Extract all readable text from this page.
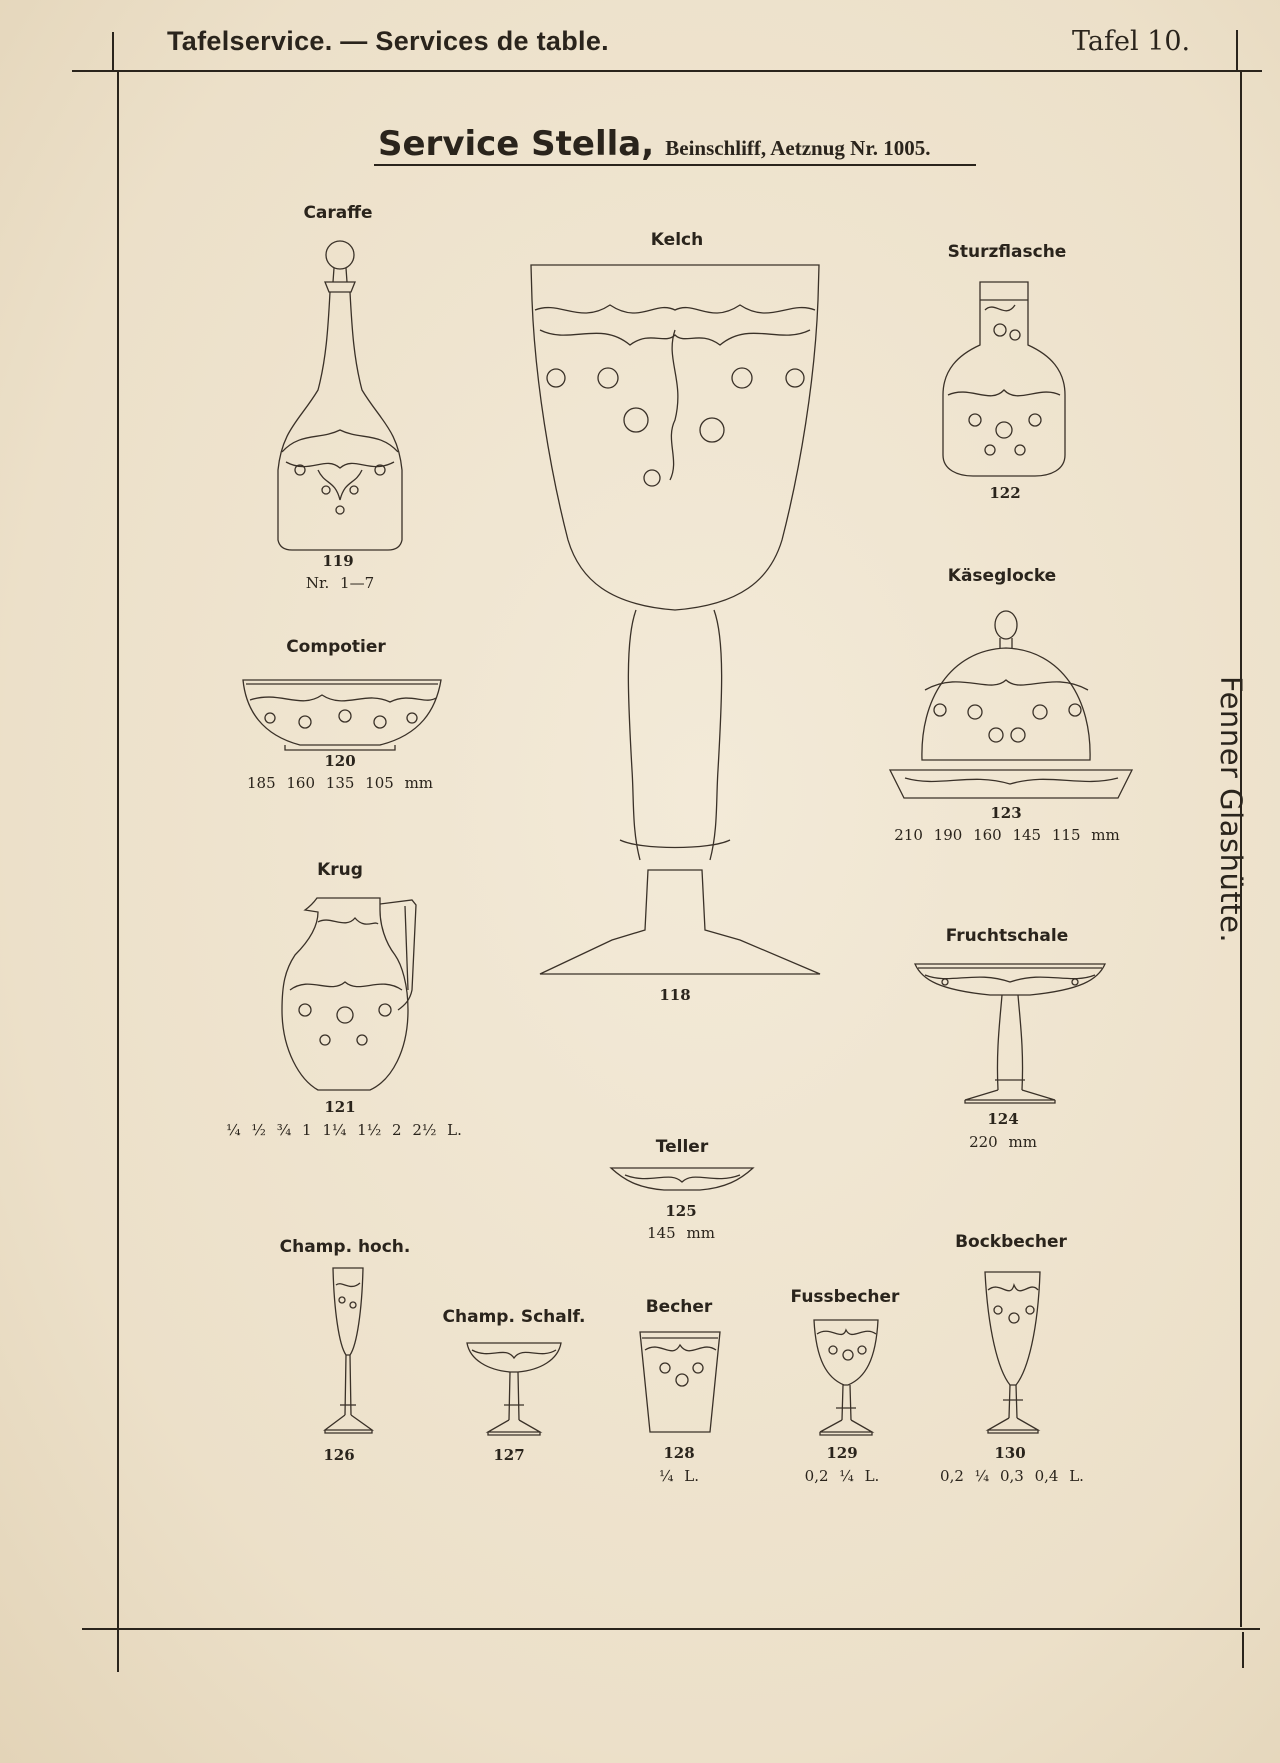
Tafelservice. — Services de table.	Tafel 10.
Service Stella, Beinschliff, Aetznug Nr. 1005.
Fenner Glashütte.
Caraffe
119
Nr. 1—7
Kelch
118
Sturzflasche
122
Käseglocke
123
210 190 160 145 115 mm
Compotier
120
185 160 135 105 mm
Krug
121
¼ ½ ¾ 1 1¼ 1½ 2 2½ L.
Fruchtschale
124
220 mm
Teller
125
145 mm
Champ. hoch.
126
Champ. Schalf.
127
Becher
128
¼ L.
Fussbecher
129
0,2 ¼ L.
Bockbecher
130
0,2 ¼ 0,3 0,4 L.
